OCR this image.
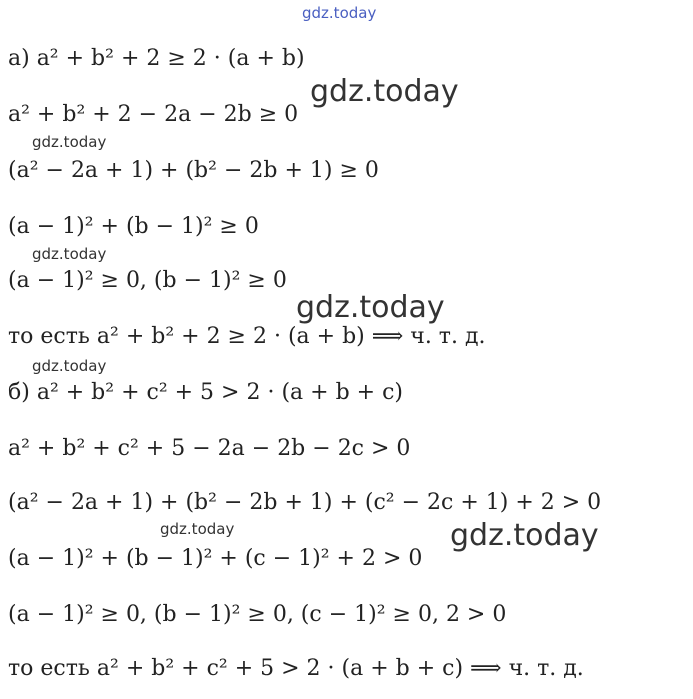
gdz.today
gdz.today
gdz.today
gdz.today
gdz.today
gdz.today
gdz.today	gdz.today
а) a² + b² + 2 ≥ 2 · (a + b)
a² + b² + 2 − 2a − 2b ≥ 0
(a² − 2a + 1) + (b² − 2b + 1) ≥ 0
(a − 1)² + (b − 1)² ≥ 0
(a − 1)² ≥ 0, (b − 1)² ≥ 0
то есть a² + b² + 2 ≥ 2 · (a + b) ⟹ ч. т. д.
б) a² + b² + c² + 5 > 2 · (a + b + c)
a² + b² + c² + 5 − 2a − 2b − 2c > 0
(a² − 2a + 1) + (b² − 2b + 1) + (c² − 2c + 1) + 2 > 0
(a − 1)² + (b − 1)² + (c − 1)² + 2 > 0
(a − 1)² ≥ 0, (b − 1)² ≥ 0, (c − 1)² ≥ 0, 2 > 0
то есть a² + b² + c² + 5 > 2 · (a + b + c) ⟹ ч. т. д.
